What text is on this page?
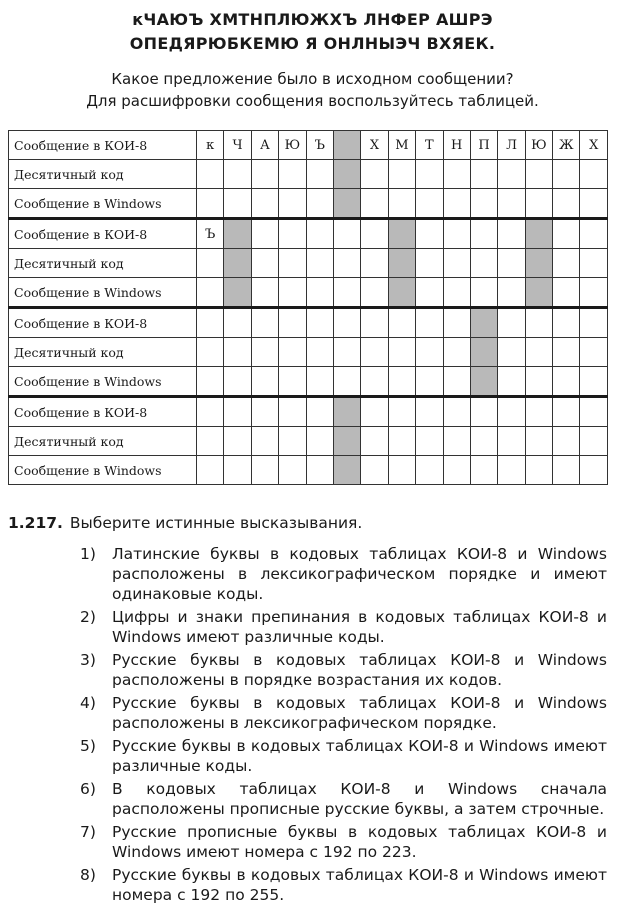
кЧАЮЪ ХМТНПЛЮЖХЪ ЛНФЕР АШРЭ
ОПЕДЯРЮБКЕМЮ Я ОНЛНЫЭЧ ВХЯЕК.
Какое предложение было в исходном сообщении?
Для расшифровки сообщения воспользуйтесь таблицей.
Сообщение в КОИ-8	к	Ч	А	Ю	Ъ		Х	М	Т	Н	П	Л	Ю	Ж	Х
Десятичный код															
Сообщение в Windows															
Сообщение в КОИ-8	Ъ														
Десятичный код															
Сообщение в Windows															
Сообщение в КОИ-8															
Десятичный код															
Сообщение в Windows															
Сообщение в КОИ-8															
Десятичный код															
Сообщение в Windows															
1.217. Выберите истинные высказывания.
1) Латинские буквы в кодовых таблицах КОИ-8 и Windows расположены в лексикографическом порядке и имеют одинаковые коды.
2) Цифры и знаки препинания в кодовых таблицах КОИ-8 и Windows имеют различные коды.
3) Русские буквы в кодовых таблицах КОИ-8 и Windows расположены в порядке возрастания их кодов.
4) Русские буквы в кодовых таблицах КОИ-8 и Windows расположены в лексикографическом порядке.
5) Русские буквы в кодовых таблицах КОИ-8 и Windows имеют различные коды.
6) В кодовых таблицах КОИ-8 и Windows сначала расположены прописные русские буквы, а затем строчные.
7) Русские прописные буквы в кодовых таблицах КОИ-8 и Windows имеют номера с 192 по 223.
8) Русские буквы в кодовых таблицах КОИ-8 и Windows имеют номера с 192 по 255.
